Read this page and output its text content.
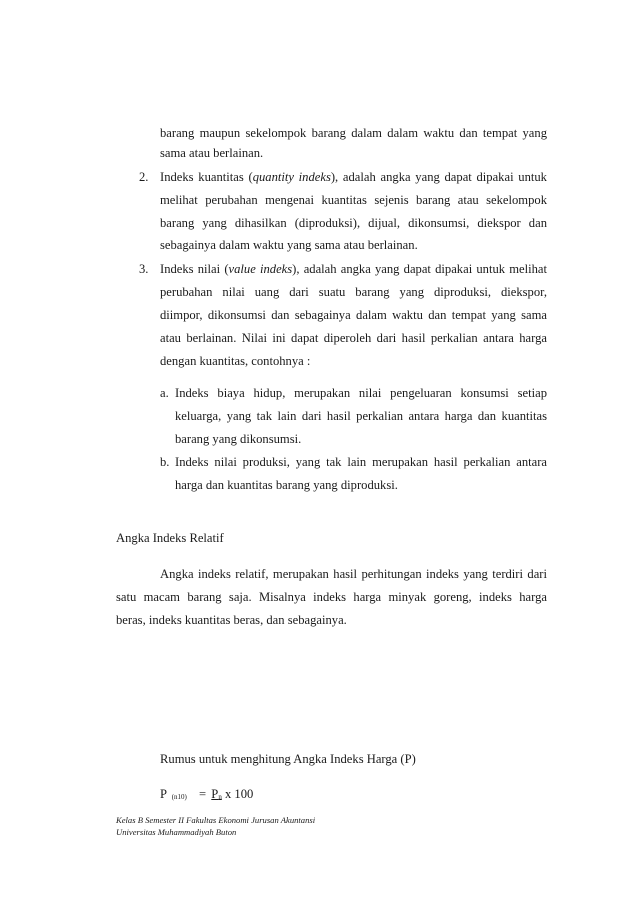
barang maupun sekelompok barang dalam dalam waktu dan tempat yang
sama atau berlainan.
2. Indeks kuantitas (quantity indeks), adalah angka yang dapat dipakai untuk
melihat perubahan mengenai kuantitas sejenis barang atau sekelompok
barang yang dihasilkan (diproduksi), dijual, dikonsumsi, diekspor dan
sebagainya dalam waktu yang sama atau berlainan.
3. Indeks nilai (value indeks), adalah angka yang dapat dipakai untuk melihat
perubahan nilai uang dari suatu barang yang diproduksi, diekspor,
diimpor, dikonsumsi dan sebagainya dalam waktu dan tempat yang sama
atau berlainan. Nilai ini dapat diperoleh dari hasil perkalian antara harga
dengan kuantitas, contohnya :
a. Indeks biaya hidup, merupakan nilai pengeluaran konsumsi setiap
keluarga, yang tak lain dari hasil perkalian antara harga dan kuantitas
barang yang dikonsumsi.
b. Indeks nilai produksi, yang tak lain merupakan hasil perkalian antara
harga dan kuantitas barang yang diproduksi.
Angka Indeks Relatif
Angka indeks relatif, merupakan hasil perhitungan indeks yang terdiri dari
satu macam barang saja. Misalnya indeks harga minyak goreng, indeks harga
beras, indeks kuantitas beras, dan sebagainya.
Rumus untuk menghitung Angka Indeks Harga (P)
P (n10) = Pn x 100
Kelas B Semester II Fakultas Ekonomi Jurusan Akuntansi
Universitas Muhammadiyah Buton
